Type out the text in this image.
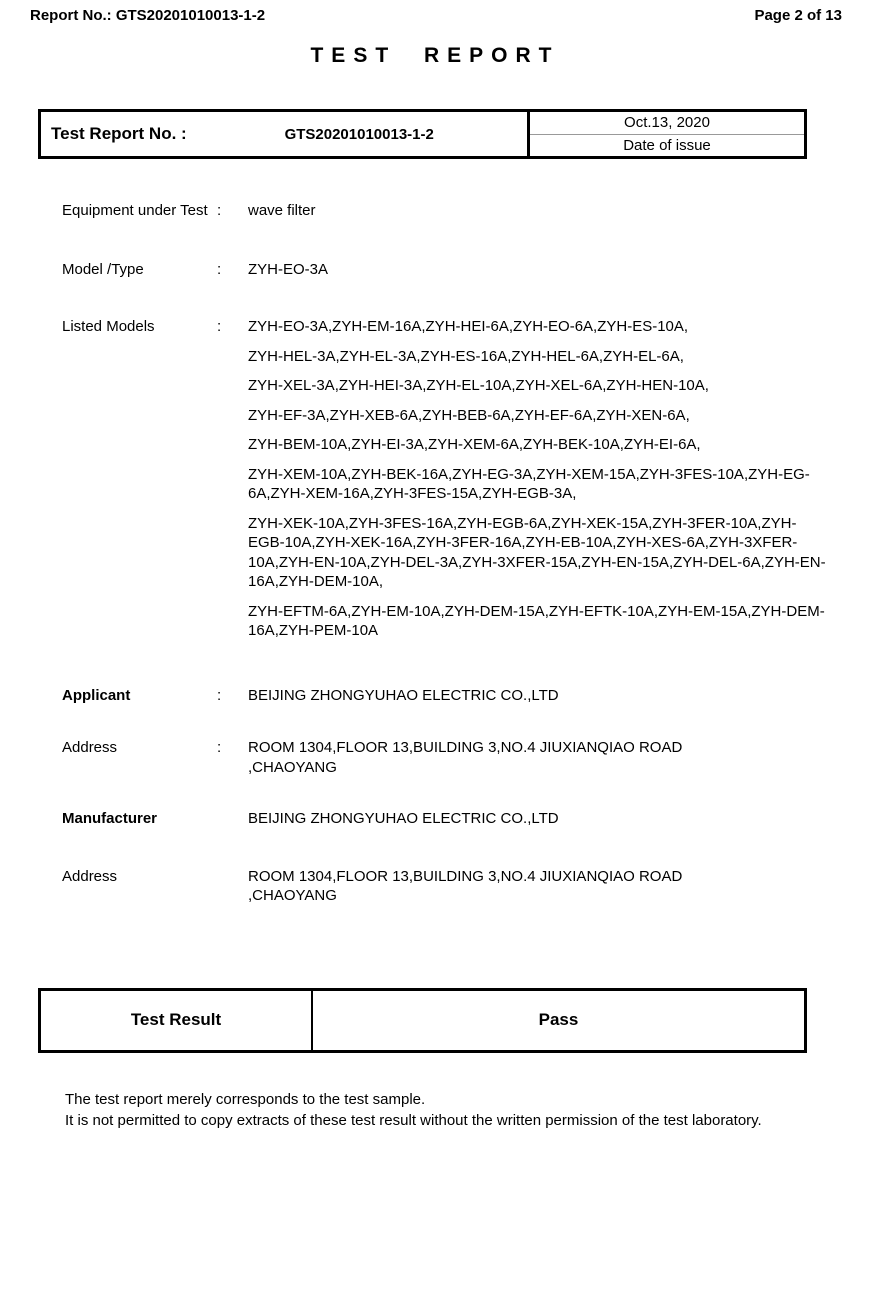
Report No.: GTS20201010013-1-2	Page 2 of 13
TEST REPORT
Test Report No. :	GTS20201010013-1-2
Oct.13, 2020
Date of issue
Equipment under Test :	wave filter
Model /Type	:	ZYH-EO-3A
Listed Models	:	ZYH-EO-3A,ZYH-EM-16A,ZYH-HEI-6A,ZYH-EO-6A,ZYH-ES-10A,
ZYH-HEL-3A,ZYH-EL-3A,ZYH-ES-16A,ZYH-HEL-6A,ZYH-EL-6A,
ZYH-XEL-3A,ZYH-HEI-3A,ZYH-EL-10A,ZYH-XEL-6A,ZYH-HEN-10A,
ZYH-EF-3A,ZYH-XEB-6A,ZYH-BEB-6A,ZYH-EF-6A,ZYH-XEN-6A,
ZYH-BEM-10A,ZYH-EI-3A,ZYH-XEM-6A,ZYH-BEK-10A,ZYH-EI-6A,
ZYH-XEM-10A,ZYH-BEK-16A,ZYH-EG-3A,ZYH-XEM-15A,ZYH-3FES-10A,ZYH-EG-6A,ZYH-XEM-16A,ZYH-3FES-15A,ZYH-EGB-3A,
ZYH-XEK-10A,ZYH-3FES-16A,ZYH-EGB-6A,ZYH-XEK-15A,ZYH-3FER-10A,ZYH-EGB-10A,ZYH-XEK-16A,ZYH-3FER-16A,ZYH-EB-10A,ZYH-XES-6A,ZYH-3XFER-10A,ZYH-EN-10A,ZYH-DEL-3A,ZYH-3XFER-15A,ZYH-EN-15A,ZYH-DEL-6A,ZYH-EN-16A,ZYH-DEM-10A,
ZYH-EFTM-6A,ZYH-EM-10A,ZYH-DEM-15A,ZYH-EFTK-10A,ZYH-EM-15A,ZYH-DEM-16A,ZYH-PEM-10A
Applicant	:	BEIJING ZHONGYUHAO ELECTRIC CO.,LTD
Address	:	ROOM 1304,FLOOR 13,BUILDING 3,NO.4 JIUXIANQIAO ROAD ,CHAOYANG
Manufacturer	BEIJING ZHONGYUHAO ELECTRIC CO.,LTD
Address	ROOM 1304,FLOOR 13,BUILDING 3,NO.4 JIUXIANQIAO ROAD ,CHAOYANG
Test Result	Pass
The test report merely corresponds to the test sample.
It is not permitted to copy extracts of these test result without the written permission of the test laboratory.
